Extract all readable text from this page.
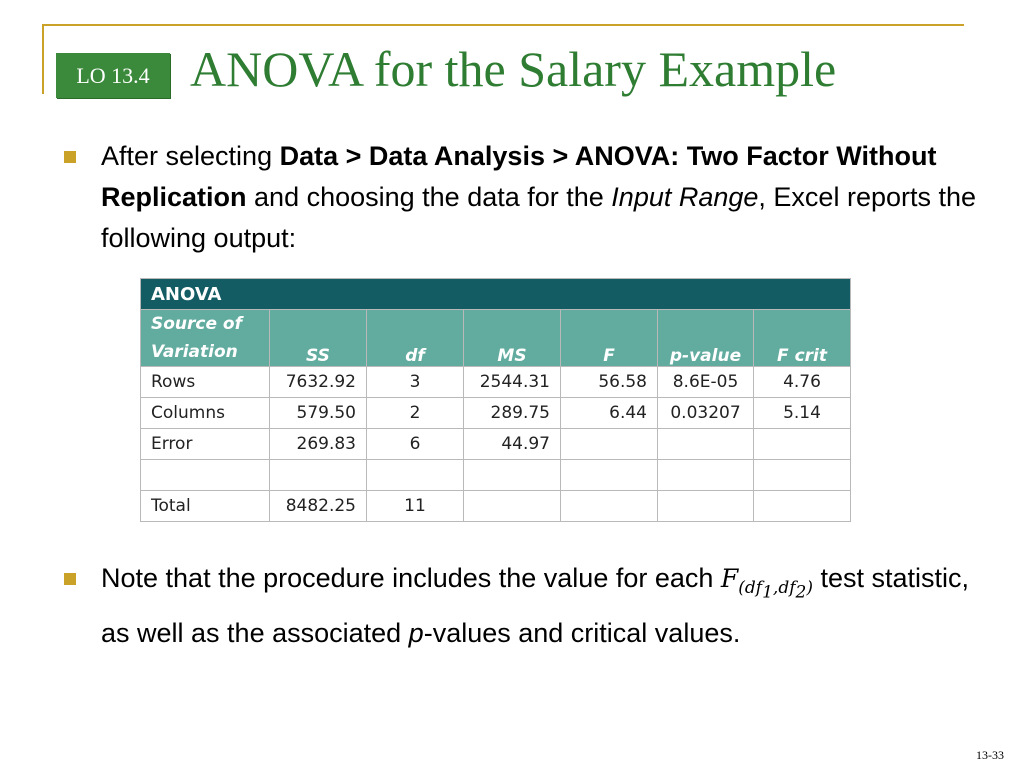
LO 13.4 ANOVA for the Salary Example
After selecting Data > Data Analysis > ANOVA: Two Factor Without Replication and choosing the data for the Input Range, Excel reports the following output:
ANOVA						
Source of
Variation	SS	df	MS	F	p-value	F crit
Rows	7632.92	3	2544.31	56.58	8.6E-05	4.76
Columns	579.50	2	289.75	6.44	0.03207	5.14
Error	269.83	6	44.97			

Total	8482.25	11				
Note that the procedure includes the value for each $F_{(df_1,df_2)}$ test statistic, as well as the associated p-values and critical values.
13-33
